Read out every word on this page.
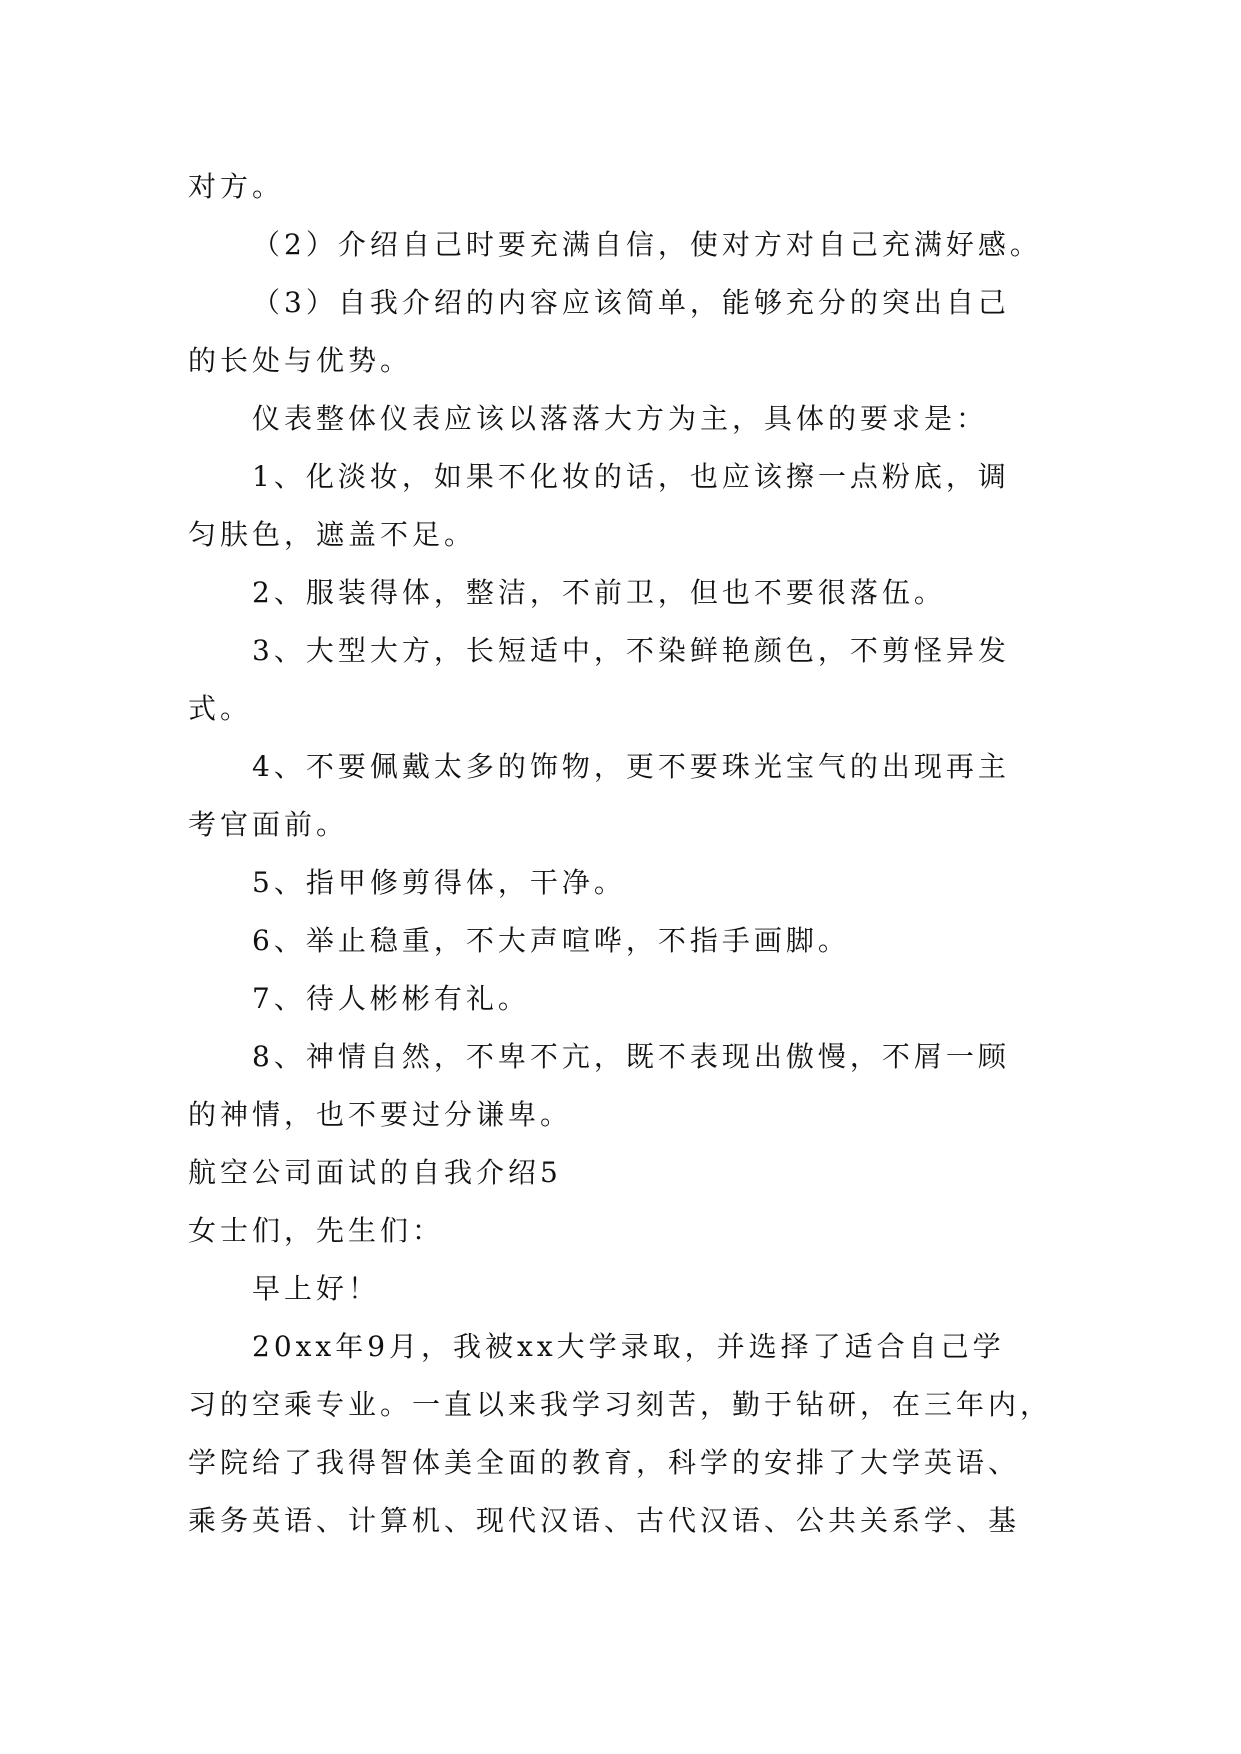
对方。
（2）介绍自己时要充满自信，使对方对自己充满好感。
（3）自我介绍的内容应该简单，能够充分的突出自己
的长处与优势。
仪表整体仪表应该以落落大方为主，具体的要求是：
1、化淡妆，如果不化妆的话，也应该擦一点粉底，调
匀肤色，遮盖不足。
2、服装得体，整洁，不前卫，但也不要很落伍。
3、大型大方，长短适中，不染鲜艳颜色，不剪怪异发
式。
4、不要佩戴太多的饰物，更不要珠光宝气的出现再主
考官面前。
5、指甲修剪得体，干净。
6、举止稳重，不大声喧哗，不指手画脚。
7、待人彬彬有礼。
8、神情自然，不卑不亢，既不表现出傲慢，不屑一顾
的神情，也不要过分谦卑。
航空公司面试的自我介绍5
女士们，先生们：
早上好！
20xx年9月，我被xx大学录取，并选择了适合自己学
习的空乘专业。一直以来我学习刻苦，勤于钻研，在三年内，
学院给了我得智体美全面的教育，科学的安排了大学英语、
乘务英语、计算机、现代汉语、古代汉语、公共关系学、基
